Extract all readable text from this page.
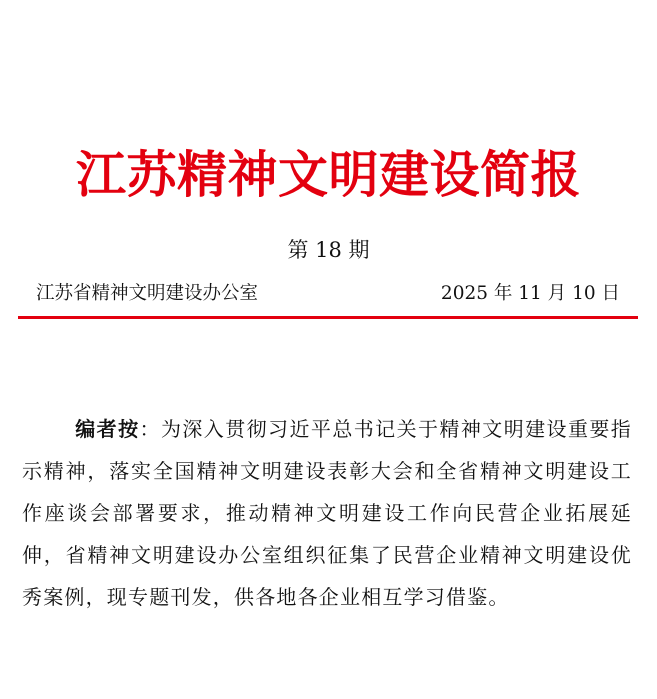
江苏精神文明建设简报
第 18 期
江苏省精神文明建设办公室	2025 年 11 月 10 日
编者按：为深入贯彻习近平总书记关于精神文明建设重要指示精神，落实全国精神文明建设表彰大会和全省精神文明建设工作座谈会部署要求，推动精神文明建设工作向民营企业拓展延伸，省精神文明建设办公室组织征集了民营企业精神文明建设优秀案例，现专题刊发，供各地各企业相互学习借鉴。
